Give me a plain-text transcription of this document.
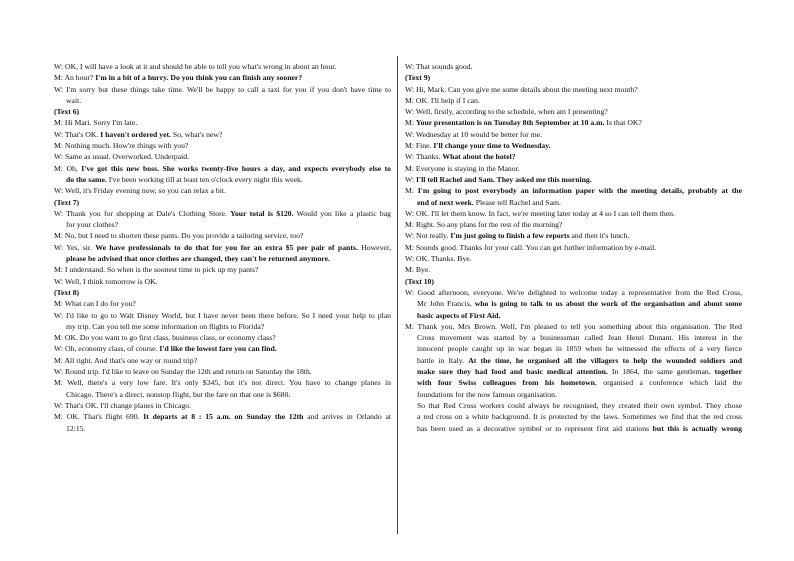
W: OK, I will have a look at it and should be able to tell you what's wrong in about an hour.
M: An hour? I'm in a bit of a hurry. Do you think you can finish any sooner?
W: I'm sorry but these things take time. We'll be happy to call a taxi for you if you don't have time to
wait.
(Text 6)
M: Hi Mari. Sorry I'm late.
W: That's OK. I haven't ordered yet. So, what's new?
M: Nothing much. How're things with you?
W: Same as usual. Overworked. Underpaid.
M: Oh, I've got this new boss. She works twenty-five hours a day, and expects everybody else to
do the same. I've been working till at least ten o'clock every night this week.
W: Well, it's Friday evening now, so you can relax a bit.
(Text 7)
W: Thank you for shopping at Dale's Clothing Store. Your total is $120. Would you like a plastic bag
for your clothes?
M: No, but I need to shorten these pants. Do you provide a tailoring service, too?
W: Yes, sir. We have professionals to do that for you for an extra $5 per pair of pants. However,
please be advised that once clothes are changed, they can't be returned anymore.
M: I understand. So when is the soonest time to pick up my pants?
W: Well, I think tomorrow is OK.
(Text 8)
M: What can I do for you?
W: I'd like to go to Walt Disney World, but I have never been there before. So I need your help to plan
my trip. Can you tell me some information on flights to Florida?
M: OK. Do you want to go first class, business class, or economy class?
W: Oh, economy class, of course. I'd like the lowest fare you can find.
M: All right. And that's one way or round trip?
W: Round trip. I'd like to leave on Sunday the 12th and return on Saturday the 18th.
M: Well, there's a very low fare. It's only $345, but it's not direct. You have to change planes in
Chicago. There's a direct, nonstop flight, but the fare on that one is $680.
W: That's OK. I'll change planes in Chicago.
M: OK. That's flight 690. It departs at 8 : 15 a.m. on Sunday the 12th and arrives in Orlando at
12:15.
W: That sounds good.
(Text 9)
W: Hi, Mark. Can you give me some details about the meeting next month?
M: OK. I'll help if I can.
W: Well, firstly, according to the schedule, when am I presenting?
M: Your presentation is on Tuesday 8th September at 10 a.m. Is that OK?
W: Wednesday at 10 would be better for me.
M: Fine. I'll change your time to Wednesday.
W: Thanks. What about the hotel?
M: Everyone is staying in the Manor.
W: I'll tell Rachel and Sam. They asked me this morning.
M: I'm going to post everybody an information paper with the meeting details, probably at the
end of next week. Please tell Rachel and Sam.
W: OK. I'll let them know. In fact, we're meeting later today at 4 so I can tell them then.
M: Right. So any plans for the rest of the morning?
W: Not really. I'm just going to finish a few reports and then it's lunch.
M: Sounds good. Thanks for your call. You can get further information by e-mail.
W: OK. Thanks. Bye.
M: Bye.
(Text 10)
W: Good afternoon, everyone. We're delighted to welcome today a representative from the Red Cross,
Mr John Francis, who is going to talk to us about the work of the organisation and about some
basic aspects of First Aid.
M: Thank you, Mrs Brown. Well, I'm pleased to tell you something about this organisation. The Red
Cross movement was started by a businessman called Jean Henri Dunant. His interest in the
innocent people caught up in war began in 1859 when he witnessed the effects of a very fierce
battle in Italy. At the time, he organised all the villagers to help the wounded soldiers and
make sure they had food and basic medical attention. In 1864, the same gentleman, together
with four Swiss colleagues from his hometown, organised a conference which laid the
foundations for the now famous organisation.
So that Red Cross workers could always be recognised, they created their own symbol. They chose
a red cross on a white background. It is protected by the laws. Sometimes we find that the red cross
has been used as a decorative symbol or to represent first aid stations but this is actually wrong
